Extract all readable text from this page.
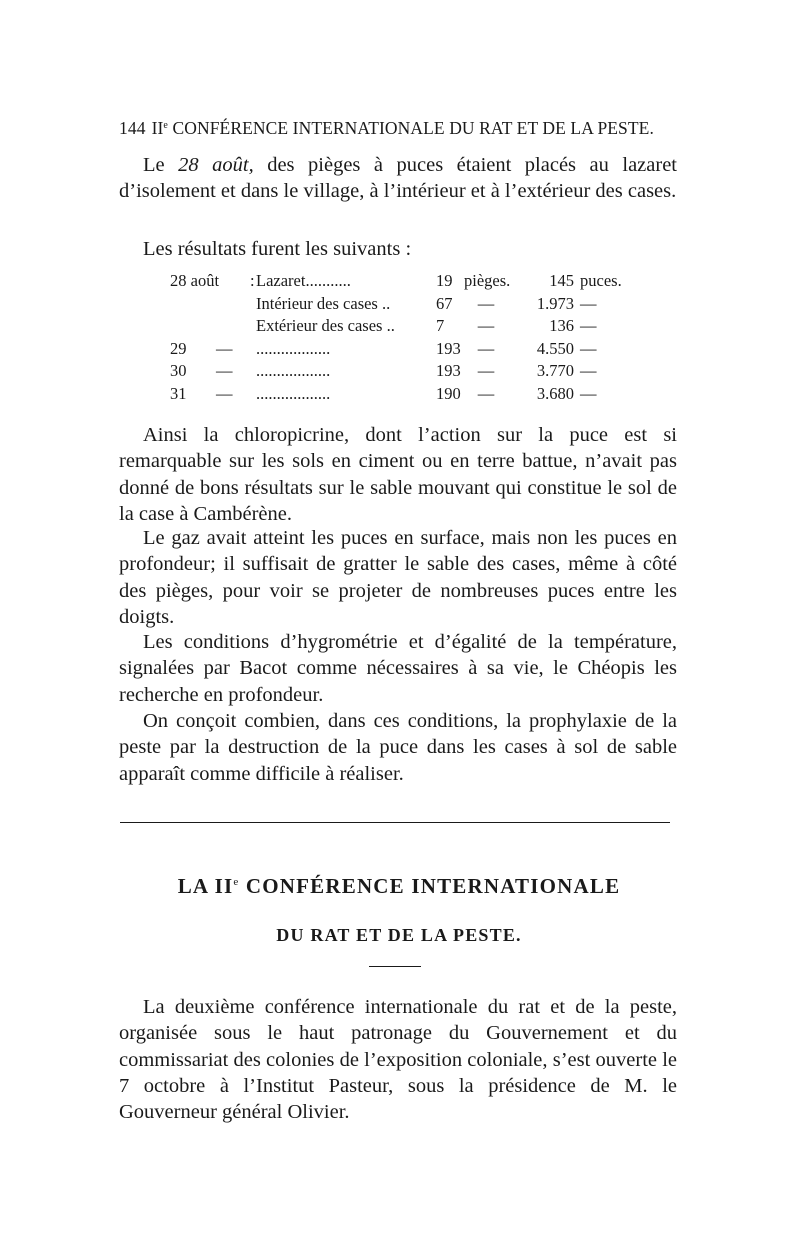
144 IIe CONFÉRENCE INTERNATIONALE DU RAT ET DE LA PESTE.
Le 28 août, des pièges à puces étaient placés au lazaret d’isolement et dans le village, à l’intérieur et à l’extérieur des cases.
Les résultats furent les suivants :
28 août : Lazaret...........	19 pièges.	145 puces.
Intérieur des cases ..	67	—	1.973 —
Extérieur des cases ..	7	—	136 —
29	— ..................	193	—	4.550 —
30	— ..................	193	—	3.770 —
31	— ..................	190	—	3.680 —
Ainsi la chloropicrine, dont l’action sur la puce est si remarquable sur les sols en ciment ou en terre battue, n’avait pas donné de bons résultats sur le sable mouvant qui constitue le sol de la case à Cambérène.
Le gaz avait atteint les puces en surface, mais non les puces en profondeur; il suffisait de gratter le sable des cases, même à côté des pièges, pour voir se projeter de nombreuses puces entre les doigts.
Les conditions d’hygrométrie et d’égalité de la température, signalées par Bacot comme nécessaires à sa vie, le Chéopis les recherche en profondeur.
On conçoit combien, dans ces conditions, la prophylaxie de la peste par la destruction de la puce dans les cases à sol de sable apparaît comme difficile à réaliser.
LA IIe CONFÉRENCE INTERNATIONALE
DU RAT ET DE LA PESTE.
La deuxième conférence internationale du rat et de la peste, organisée sous le haut patronage du Gouvernement et du commissariat des colonies de l’exposition coloniale, s’est ouverte le 7 octobre à l’Institut Pasteur, sous la présidence de M. le Gouverneur général Olivier.
